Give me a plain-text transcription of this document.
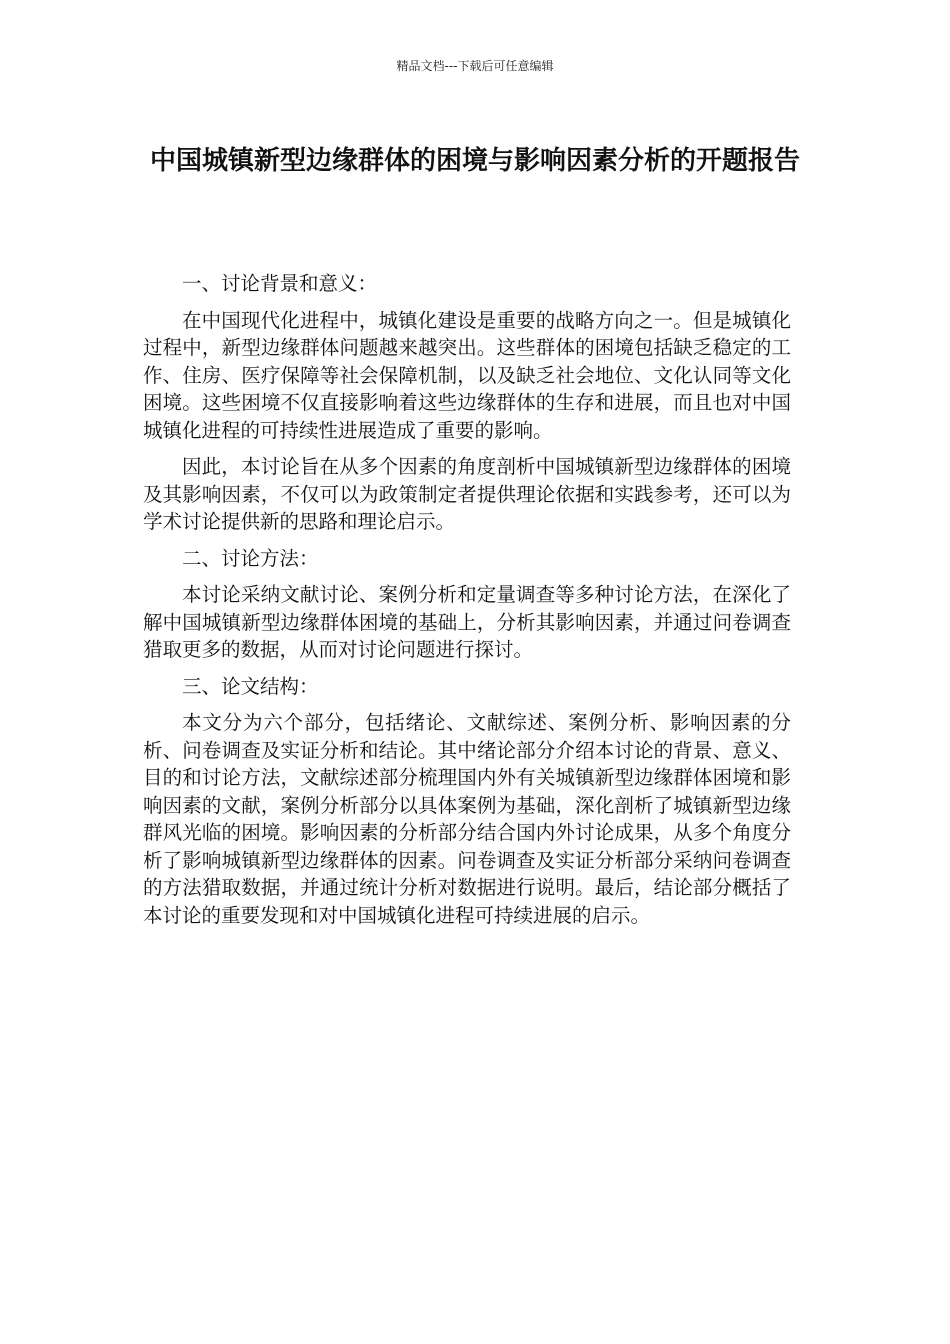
精品文档---下载后可任意编辑
中国城镇新型边缘群体的困境与影响因素分析的开题报告

一、讨论背景和意义：

在中国现代化进程中，城镇化建设是重要的战略方向之一。但是城镇化过程中，新型边缘群体问题越来越突出。这些群体的困境包括缺乏稳定的工作、住房、医疗保障等社会保障机制，以及缺乏社会地位、文化认同等文化困境。这些困境不仅直接影响着这些边缘群体的生存和进展，而且也对中国城镇化进程的可持续性进展造成了重要的影响。

因此，本讨论旨在从多个因素的角度剖析中国城镇新型边缘群体的困境及其影响因素，不仅可以为政策制定者提供理论依据和实践参考，还可以为学术讨论提供新的思路和理论启示。

二、讨论方法：

本讨论采纳文献讨论、案例分析和定量调查等多种讨论方法，在深化了解中国城镇新型边缘群体困境的基础上，分析其影响因素，并通过问卷调查猎取更多的数据，从而对讨论问题进行探讨。

三、论文结构：

本文分为六个部分，包括绪论、文献综述、案例分析、影响因素的分析、问卷调查及实证分析和结论。其中绪论部分介绍本讨论的背景、意义、目的和讨论方法，文献综述部分梳理国内外有关城镇新型边缘群体困境和影响因素的文献，案例分析部分以具体案例为基础，深化剖析了城镇新型边缘群风光临的困境。影响因素的分析部分结合国内外讨论成果，从多个角度分析了影响城镇新型边缘群体的因素。问卷调查及实证分析部分采纳问卷调查的方法猎取数据，并通过统计分析对数据进行说明。最后，结论部分概括了本讨论的重要发现和对中国城镇化进程可持续进展的启示。
